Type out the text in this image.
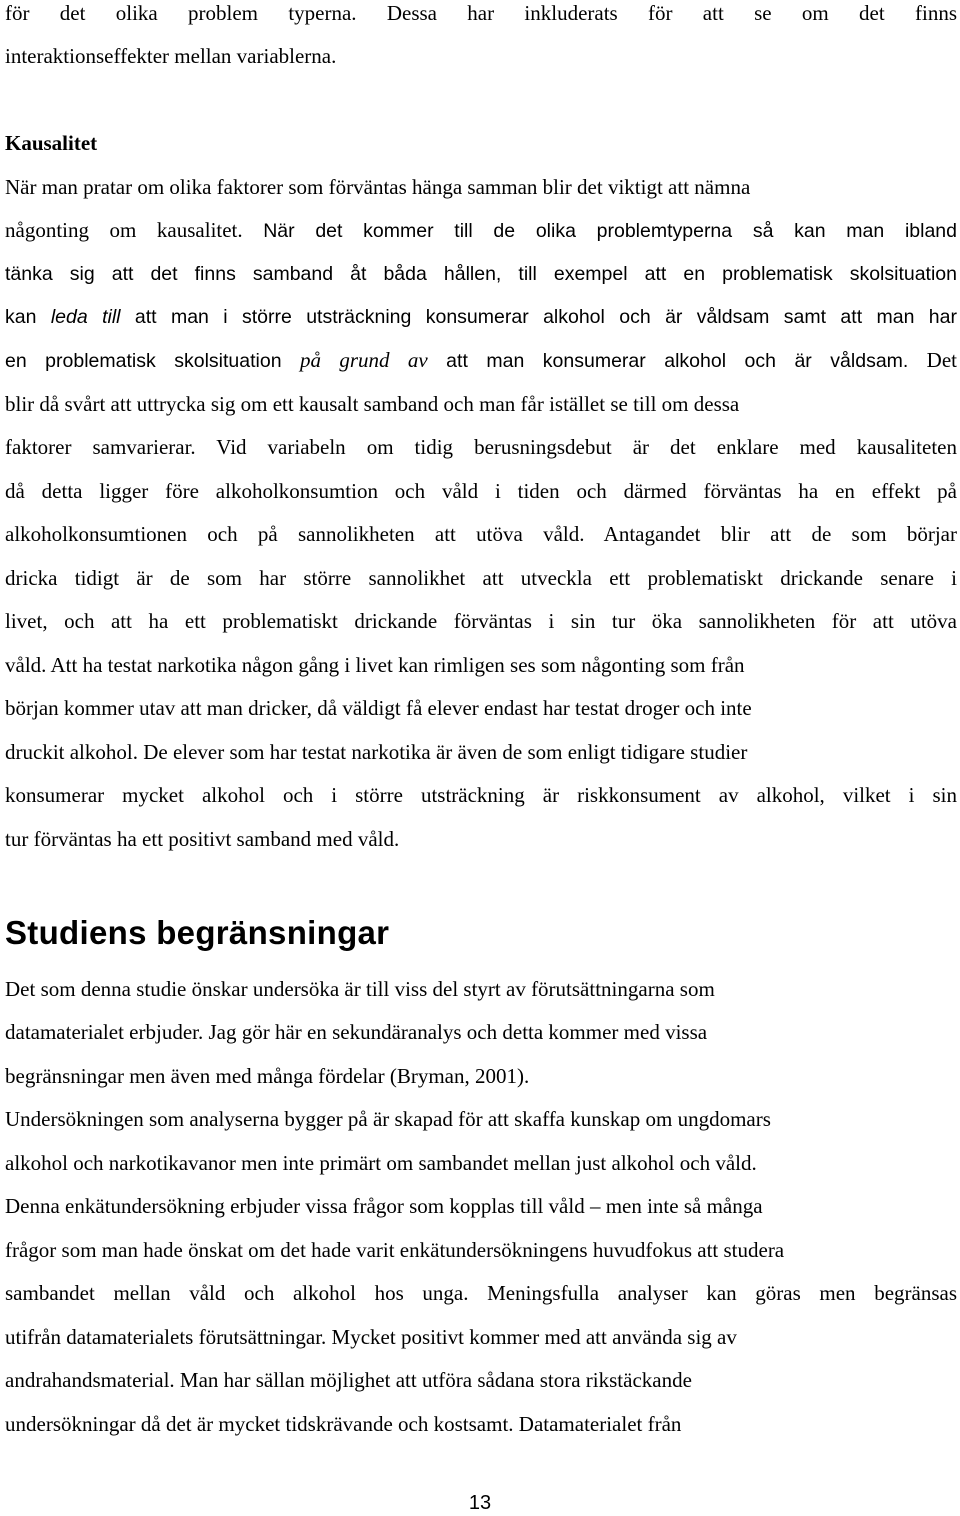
för det olika problem typerna. Dessa har inkluderats för att se om det finns
interaktionseffekter mellan variablerna.
Kausalitet
När man pratar om olika faktorer som förväntas hänga samman blir det viktigt att nämna
någonting om kausalitet. När det kommer till de olika problemtyperna så kan man ibland
tänka sig att det finns samband åt båda hållen, till exempel att en problematisk skolsituation
kan leda till att man i större utsträckning konsumerar alkohol och är våldsam samt att man har
en problematisk skolsituation på grund av att man konsumerar alkohol och är våldsam. Det
blir då svårt att uttrycka sig om ett kausalt samband och man får istället se till om dessa
faktorer samvarierar. Vid variabeln om tidig berusningsdebut är det enklare med kausaliteten
då detta ligger före alkoholkonsumtion och våld i tiden och därmed förväntas ha en effekt på
alkoholkonsumtionen och på sannolikheten att utöva våld. Antagandet blir att de som börjar
dricka tidigt är de som har större sannolikhet att utveckla ett problematiskt drickande senare i
livet, och att ha ett problematiskt drickande förväntas i sin tur öka sannolikheten för att utöva
våld. Att ha testat narkotika någon gång i livet kan rimligen ses som någonting som från
början kommer utav att man dricker, då väldigt få elever endast har testat droger och inte
druckit alkohol. De elever som har testat narkotika är även de som enligt tidigare studier
konsumerar mycket alkohol och i större utsträckning är riskkonsument av alkohol, vilket i sin
tur förväntas ha ett positivt samband med våld.
Studiens begränsningar
Det som denna studie önskar undersöka är till viss del styrt av förutsättningarna som
datamaterialet erbjuder. Jag gör här en sekundäranalys och detta kommer med vissa
begränsningar men även med många fördelar (Bryman, 2001).
Undersökningen som analyserna bygger på är skapad för att skaffa kunskap om ungdomars
alkohol och narkotikavanor men inte primärt om sambandet mellan just alkohol och våld.
Denna enkätundersökning erbjuder vissa frågor som kopplas till våld – men inte så många
frågor som man hade önskat om det hade varit enkätundersökningens huvudfokus att studera
sambandet mellan våld och alkohol hos unga. Meningsfulla analyser kan göras men begränsas
utifrån datamaterialets förutsättningar. Mycket positivt kommer med att använda sig av
andrahandsmaterial. Man har sällan möjlighet att utföra sådana stora rikstäckande
undersökningar då det är mycket tidskrävande och kostsamt. Datamaterialet från
13
